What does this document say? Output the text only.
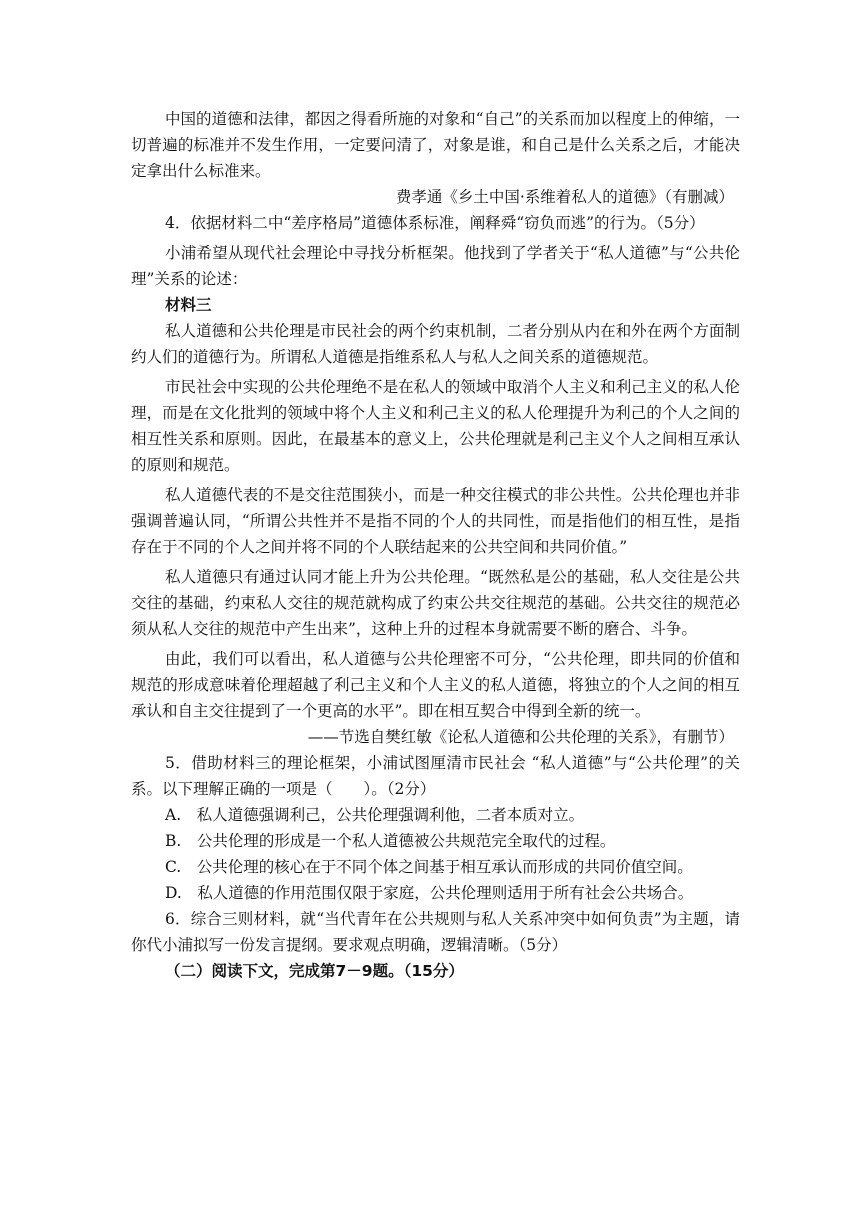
中国的道德和法律，都因之得看所施的对象和“自己”的关系而加以程度上的伸缩，一切普遍的标准并不发生作用，一定要问清了，对象是谁，和自己是什么关系之后，才能决定拿出什么标准来。

费孝通《乡土中国·系维着私人的道德》（有删减）

4．依据材料二中“差序格局”道德体系标准，阐释舜“窃负而逃”的行为。（5分）

小浦希望从现代社会理论中寻找分析框架。他找到了学者关于“私人道德”与“公共伦理”关系的论述：

材料三

私人道德和公共伦理是市民社会的两个约束机制，二者分别从内在和外在两个方面制约人们的道德行为。所谓私人道德是指维系私人与私人之间关系的道德规范。

市民社会中实现的公共伦理绝不是在私人的领域中取消个人主义和利己主义的私人伦理，而是在文化批判的领域中将个人主义和利己主义的私人伦理提升为利己的个人之间的相互性关系和原则。因此，在最基本的意义上，公共伦理就是利己主义个人之间相互承认的原则和规范。

私人道德代表的不是交往范围狭小，而是一种交往模式的非公共性。公共伦理也并非强调普遍认同，“所谓公共性并不是指不同的个人的共同性，而是指他们的相互性，是指存在于不同的个人之间并将不同的个人联结起来的公共空间和共同价值。”

私人道德只有通过认同才能上升为公共伦理。“既然私是公的基础，私人交往是公共交往的基础，约束私人交往的规范就构成了约束公共交往规范的基础。公共交往的规范必须从私人交往的规范中产生出来”，这种上升的过程本身就需要不断的磨合、斗争。

由此，我们可以看出，私人道德与公共伦理密不可分，“公共伦理，即共同的价值和规范的形成意味着伦理超越了利己主义和个人主义的私人道德，将独立的个人之间的相互承认和自主交往提到了一个更高的水平”。即在相互契合中得到全新的统一。

——节选自樊红敏《论私人道德和公共伦理的关系》，有删节）

5．借助材料三的理论框架，小浦试图厘清市民社会 “私人道德”与“公共伦理”的关系。以下理解正确的一项是（　　）。（2分）

A.　私人道德强调利己，公共伦理强调利他，二者本质对立。

B.　公共伦理的形成是一个私人道德被公共规范完全取代的过程。

C.　公共伦理的核心在于不同个体之间基于相互承认而形成的共同价值空间。

D.　私人道德的作用范围仅限于家庭，公共伦理则适用于所有社会公共场合。

6．综合三则材料，就“当代青年在公共规则与私人关系冲突中如何负责”为主题，请你代小浦拟写一份发言提纲。要求观点明确，逻辑清晰。（5分）

（二）阅读下文，完成第7－9题。（15分）
